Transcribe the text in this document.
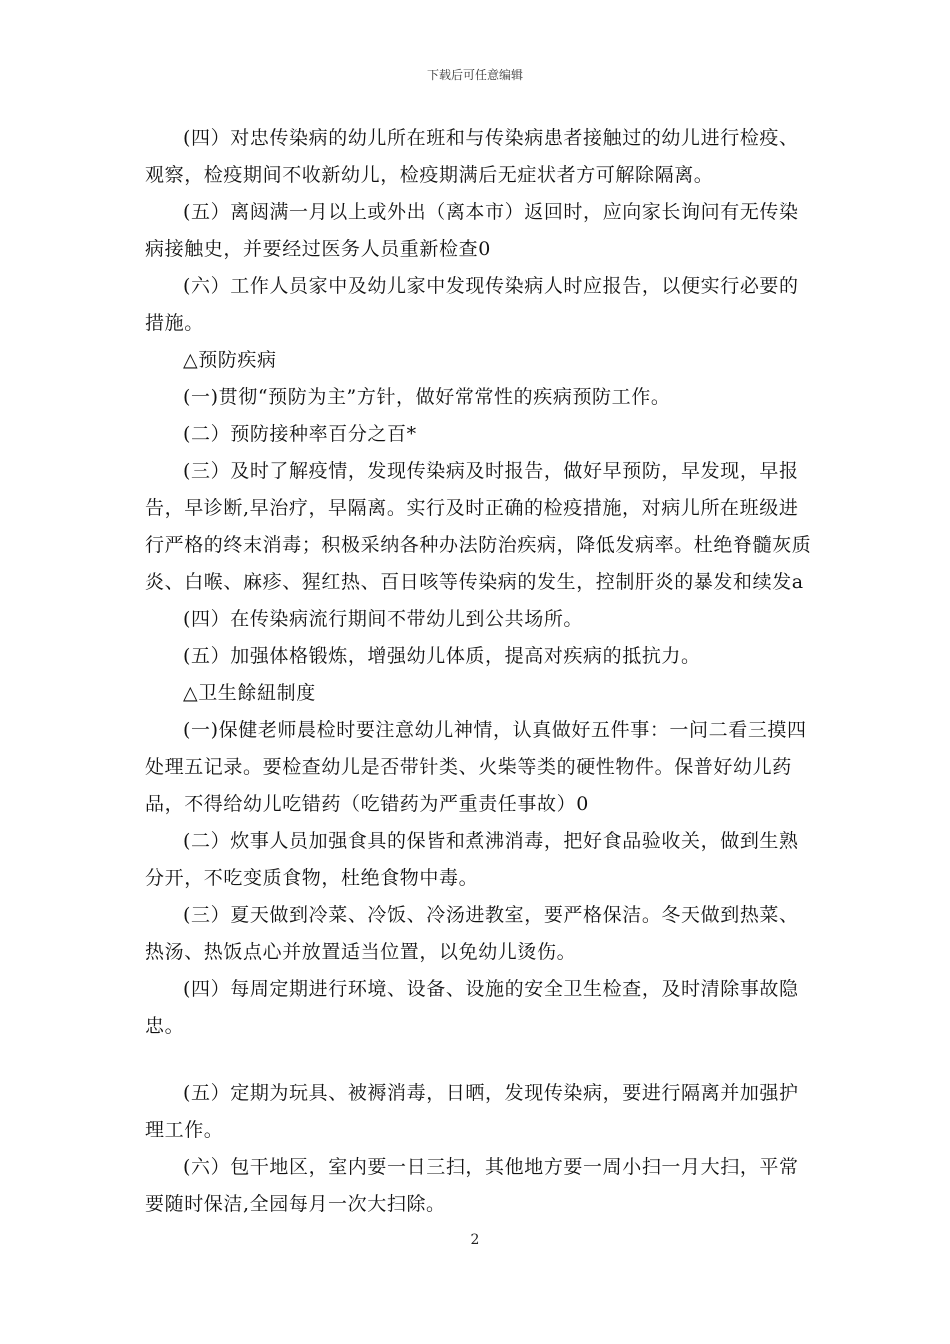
下载后可任意编辑

(四）对忠传染病的幼儿所在班和与传染病患者接触过的幼儿进行检疫、观察，检疫期间不收新幼儿，检疫期满后无症状者方可解除隔离。

(五）离闼满一月以上或外出（离本市）返回时，应向家长询问有无传染病接触史，并要经过医务人员重新检查0

(六）工作人员家中及幼儿家中发现传染病人时应报告，以便实行必要的措施。

△预防疾病

(一)贯彻“预防为主”方针，做好常常性的疾病预防工作。

(二）预防接种率百分之百*

(三）及时了解疫情，发现传染病及时报告，做好早预防，早发现，早报告，早诊断,早治疗，早隔离。实行及时正确的检疫措施，对病儿所在班级进行严格的终末消毒；积极采纳各种办法防治疾病，降低发病率。杜绝脊髓灰质炎、白喉、麻疹、猩红热、百日咳等传染病的发生，控制肝炎的暴发和续发a

(四）在传染病流行期间不带幼儿到公共场所。

(五）加强体格锻炼，增强幼儿体质，提高对疾病的抵抗力。

△卫生餘紐制度

(一)保健老师晨检时要注意幼儿神情，认真做好五件事：一问二看三摸四处理五记录。要检查幼儿是否带针类、火柴等类的硬性物件。保普好幼儿药品，不得给幼儿吃错药（吃错药为严重责任事故）0

(二）炊事人员加强食具的保皆和煮沸消毒，把好食品验收关，做到生熟分开，不吃变质食物，杜绝食物中毒。

(三）夏天做到冷菜、冷饭、冷汤进教室，要严格保洁。冬天做到热菜、热汤、热饭点心并放置适当位置，以免幼儿烫伤。

(四）每周定期进行环境、设备、设施的安全卫生检查，及时清除事故隐忠。

(五）定期为玩具、被褥消毒，日晒，发现传染病，要进行隔离并加强护理工作。

(六）包干地区，室内要一日三扫，其他地方要一周小扫一月大扫，平常要随时保洁,全园每月一次大扫除。

2
